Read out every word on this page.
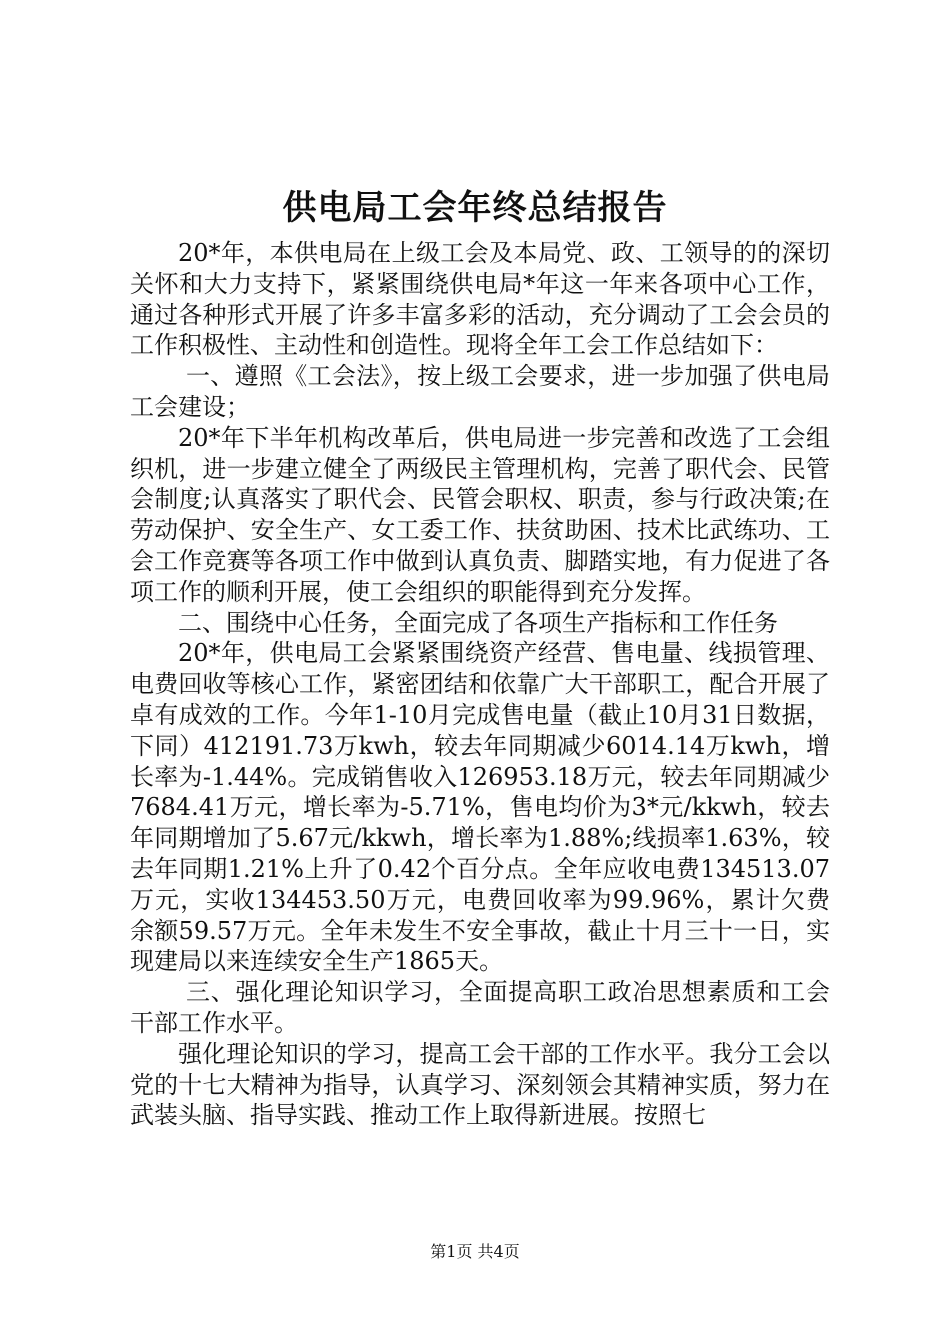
供电局工会年终总结报告

20*年，本供电局在上级工会及本局党、政、工领导的的深切关怀和大力支持下，紧紧围绕供电局*年这一年来各项中心工作，通过各种形式开展了许多丰富多彩的活动，充分调动了工会会员的工作积极性、主动性和创造性。现将全年工会工作总结如下：

一、遵照《工会法》，按上级工会要求，进一步加强了供电局工会建设；

20*年下半年机构改革后，供电局进一步完善和改选了工会组织机，进一步建立健全了两级民主管理机构，完善了职代会、民管会制度;认真落实了职代会、民管会职权、职责，参与行政决策;在劳动保护、安全生产、女工委工作、扶贫助困、技术比武练功、工会工作竞赛等各项工作中做到认真负责、脚踏实地，有力促进了各项工作的顺利开展，使工会组织的职能得到充分发挥。

二、围绕中心任务，全面完成了各项生产指标和工作任务

20*年，供电局工会紧紧围绕资产经营、售电量、线损管理、电费回收等核心工作，紧密团结和依靠广大干部职工，配合开展了卓有成效的工作。今年1-10月完成售电量（截止10月31日数据，下同）412191.73万kwh，较去年同期减少6014.14万kwh，增长率为-1.44%。完成销售收入126953.18万元，较去年同期减少7684.41万元，增长率为-5.71%，售电均价为3*元/kkwh，较去年同期增加了5.67元/kkwh，增长率为1.88%;线损率1.63%，较去年同期1.21%上升了0.42个百分点。全年应收电费134513.07万元，实收134453.50万元，电费回收率为99.96%，累计欠费余额59.57万元。全年未发生不安全事故，截止十月三十一日，实现建局以来连续安全生产1865天。

三、强化理论知识学习，全面提高职工政冶思想素质和工会干部工作水平。

强化理论知识的学习，提高工会干部的工作水平。我分工会以党的十七大精神为指导，认真学习、深刻领会其精神实质，努力在武装头脑、指导实践、推动工作上取得新进展。按照七

第1页 共4页
